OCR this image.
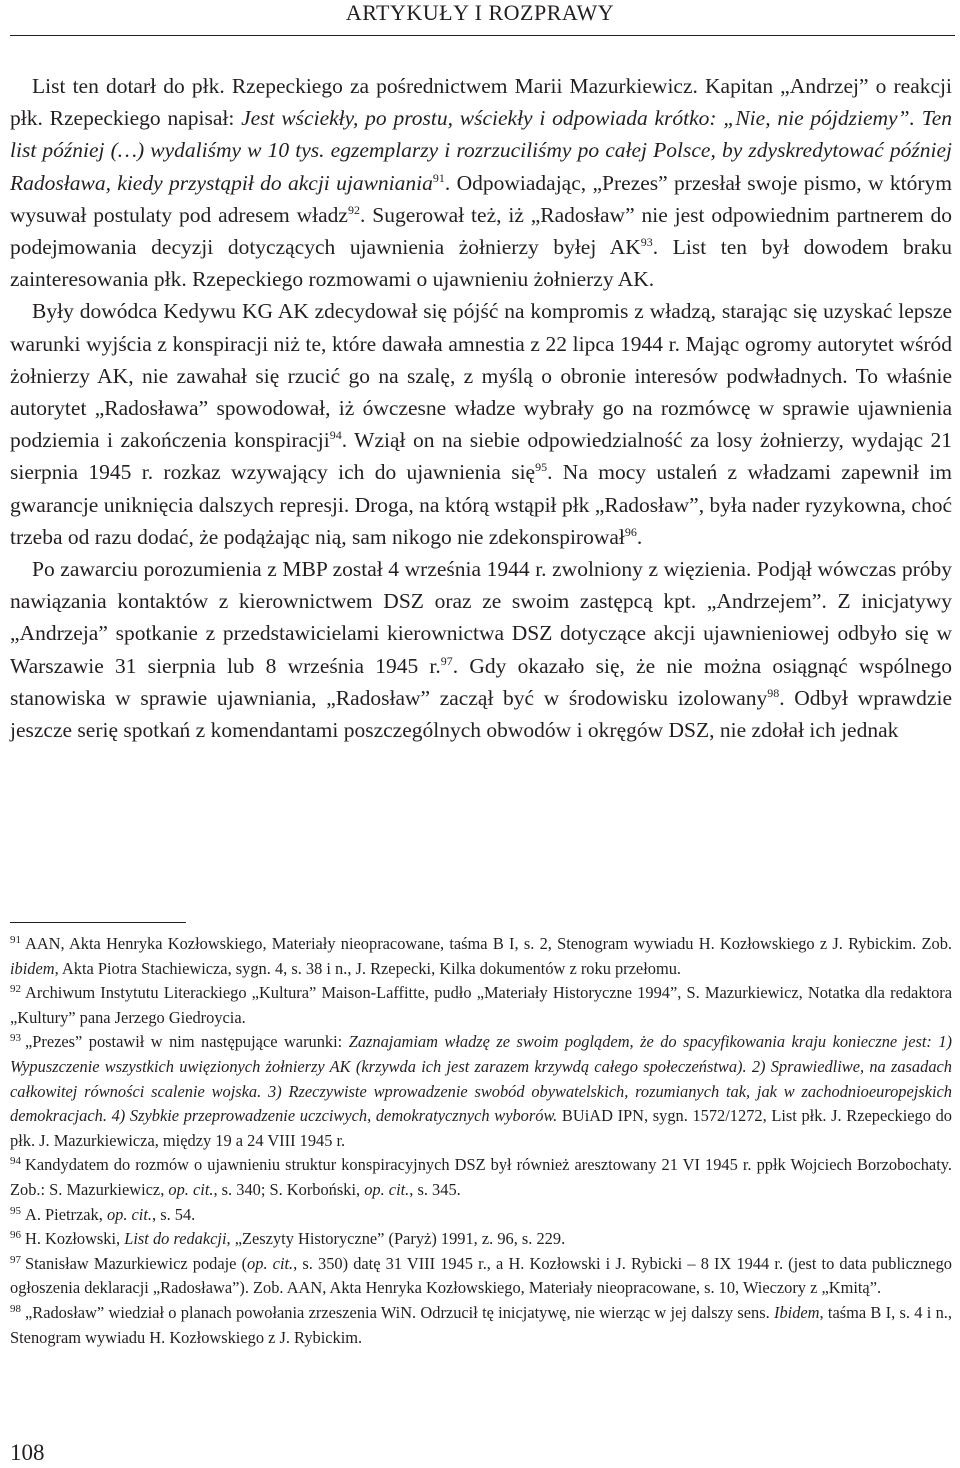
ARTYKUŁY I ROZPRAWY

List ten dotarł do płk. Rzepeckiego za pośrednictwem Marii Mazurkiewicz. Kapitan „Andrzej” o reakcji płk. Rzepeckiego napisał: Jest wściekły, po prostu, wściekły i odpowiada krótko: „Nie, nie pójdziemy”. Ten list później (…) wydaliśmy w 10 tys. egzemplarzy i rozrzuciliśmy po całej Polsce, by zdyskredytować później Radosława, kiedy przystąpił do akcji ujawniania$^{91}$. Odpowiadając, „Prezes” przesłał swoje pismo, w którym wysuwał postulaty pod adresem władz$^{92}$. Sugerował też, iż „Radosław” nie jest odpowiednim partnerem do podejmowania decyzji dotyczących ujawnienia żołnierzy byłej AK$^{93}$. List ten był dowodem braku zainteresowania płk. Rzepeckiego rozmowami o ujawnieniu żołnierzy AK.

Były dowódca Kedywu KG AK zdecydował się pójść na kompromis z władzą, starając się uzyskać lepsze warunki wyjścia z konspiracji niż te, które dawała amnestia z 22 lipca 1944 r. Mając ogromy autorytet wśród żołnierzy AK, nie zawahał się rzucić go na szalę, z myślą o obronie interesów podwładnych. To właśnie autorytet „Radosława” spowodował, iż ówczesne władze wybrały go na rozmówcę w sprawie ujawnienia podziemia i zakończenia konspiracji$^{94}$. Wziął on na siebie odpowiedzialność za losy żołnierzy, wydając 21 sierpnia 1945 r. rozkaz wzywający ich do ujawnienia się$^{95}$. Na mocy ustaleń z władzami zapewnił im gwarancje uniknięcia dalszych represji. Droga, na którą wstąpił płk „Radosław”, była nader ryzykowna, choć trzeba od razu dodać, że podążając nią, sam nikogo nie zdekonspirował$^{96}$.

Po zawarciu porozumienia z MBP został 4 września 1944 r. zwolniony z więzienia. Podjął wówczas próby nawiązania kontaktów z kierownictwem DSZ oraz ze swoim zastępcą kpt. „Andrzejem”. Z inicjatywy „Andrzeja” spotkanie z przedstawicielami kierownictwa DSZ dotyczące akcji ujawnieniowej odbyło się w Warszawie 31 sierpnia lub 8 września 1945 r.$^{97}$. Gdy okazało się, że nie można osiągnąć wspólnego stanowiska w sprawie ujawniania, „Radosław” zaczął być w środowisku izolowany$^{98}$. Odbył wprawdzie jeszcze serię spotkań z komendantami poszczególnych obwodów i okręgów DSZ, nie zdołał ich jednak

$^{91}$ AAN, Akta Henryka Kozłowskiego, Materiały nieopracowane, taśma B I, s. 2, Stenogram wywiadu H. Kozłowskiego z J. Rybickim. Zob. ibidem, Akta Piotra Stachiewicza, sygn. 4, s. 38 i n., J. Rzepecki, Kilka dokumentów z roku przełomu.

$^{92}$ Archiwum Instytutu Literackiego „Kultura” Maison-Laffitte, pudło „Materiały Historyczne 1994”, S. Mazurkiewicz, Notatka dla redaktora „Kultury” pana Jerzego Giedroycia.

$^{93}$ „Prezes” postawił w nim następujące warunki: Zaznajamiam władzę ze swoim poglądem, że do spacyfikowania kraju konieczne jest: 1) Wypuszczenie wszystkich uwięzionych żołnierzy AK (krzywda ich jest zarazem krzywdą całego społeczeństwa). 2) Sprawiedliwe, na zasadach całkowitej równości scalenie wojska. 3) Rzeczywiste wprowadzenie swobód obywatelskich, rozumianych tak, jak w zachodnioeuropejskich demokracjach. 4) Szybkie przeprowadzenie uczciwych, demokratycznych wyborów. BUiAD IPN, sygn. 1572/1272, List płk. J. Rzepeckiego do płk. J. Mazurkiewicza, między 19 a 24 VIII 1945 r.

$^{94}$ Kandydatem do rozmów o ujawnieniu struktur konspiracyjnych DSZ był również aresztowany 21 VI 1945 r. ppłk Wojciech Borzobochaty. Zob.: S. Mazurkiewicz, op. cit., s. 340; S. Korboński, op. cit., s. 345.

$^{95}$ A. Pietrzak, op. cit., s. 54.

$^{96}$ H. Kozłowski, List do redakcji, „Zeszyty Historyczne” (Paryż) 1991, z. 96, s. 229.

$^{97}$ Stanisław Mazurkiewicz podaje (op. cit., s. 350) datę 31 VIII 1945 r., a H. Kozłowski i J. Rybicki – 8 IX 1944 r. (jest to data publicznego ogłoszenia deklaracji „Radosława”). Zob. AAN, Akta Henryka Kozłowskiego, Materiały nieopracowane, s. 10, Wieczory z „Kmitą”.

$^{98}$ „Radosław” wiedział o planach powołania zrzeszenia WiN. Odrzucił tę inicjatywę, nie wierząc w jej dalszy sens. Ibidem, taśma B I, s. 4 i n., Stenogram wywiadu H. Kozłowskiego z J. Rybickim.

108
